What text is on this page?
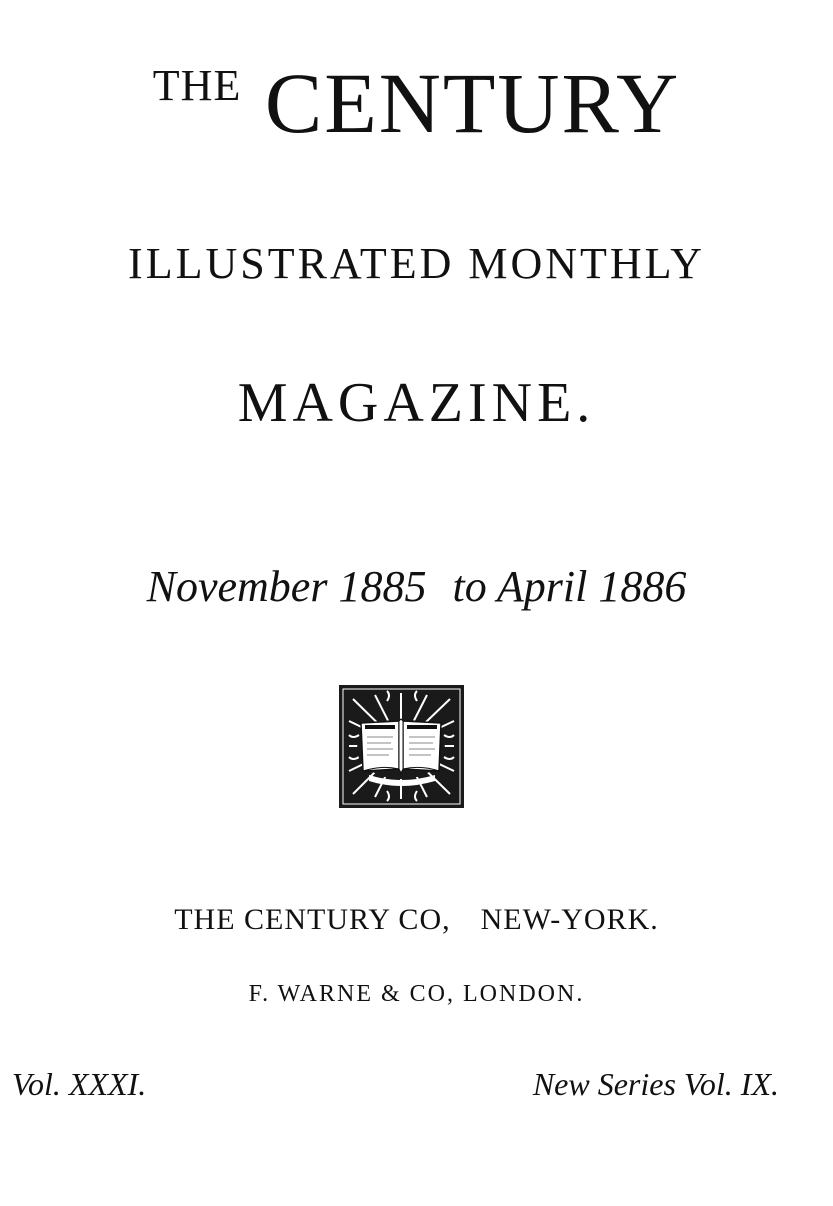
$^{THE}$ CENTURY
ILLUSTRATED MONTHLY
MAGAZINE.
November 1885 to April 1886
THE CENTURY CO, NEW-YORK.
F. WARNE & CO, LONDON.
Vol. XXXI.	New Series Vol. IX.
